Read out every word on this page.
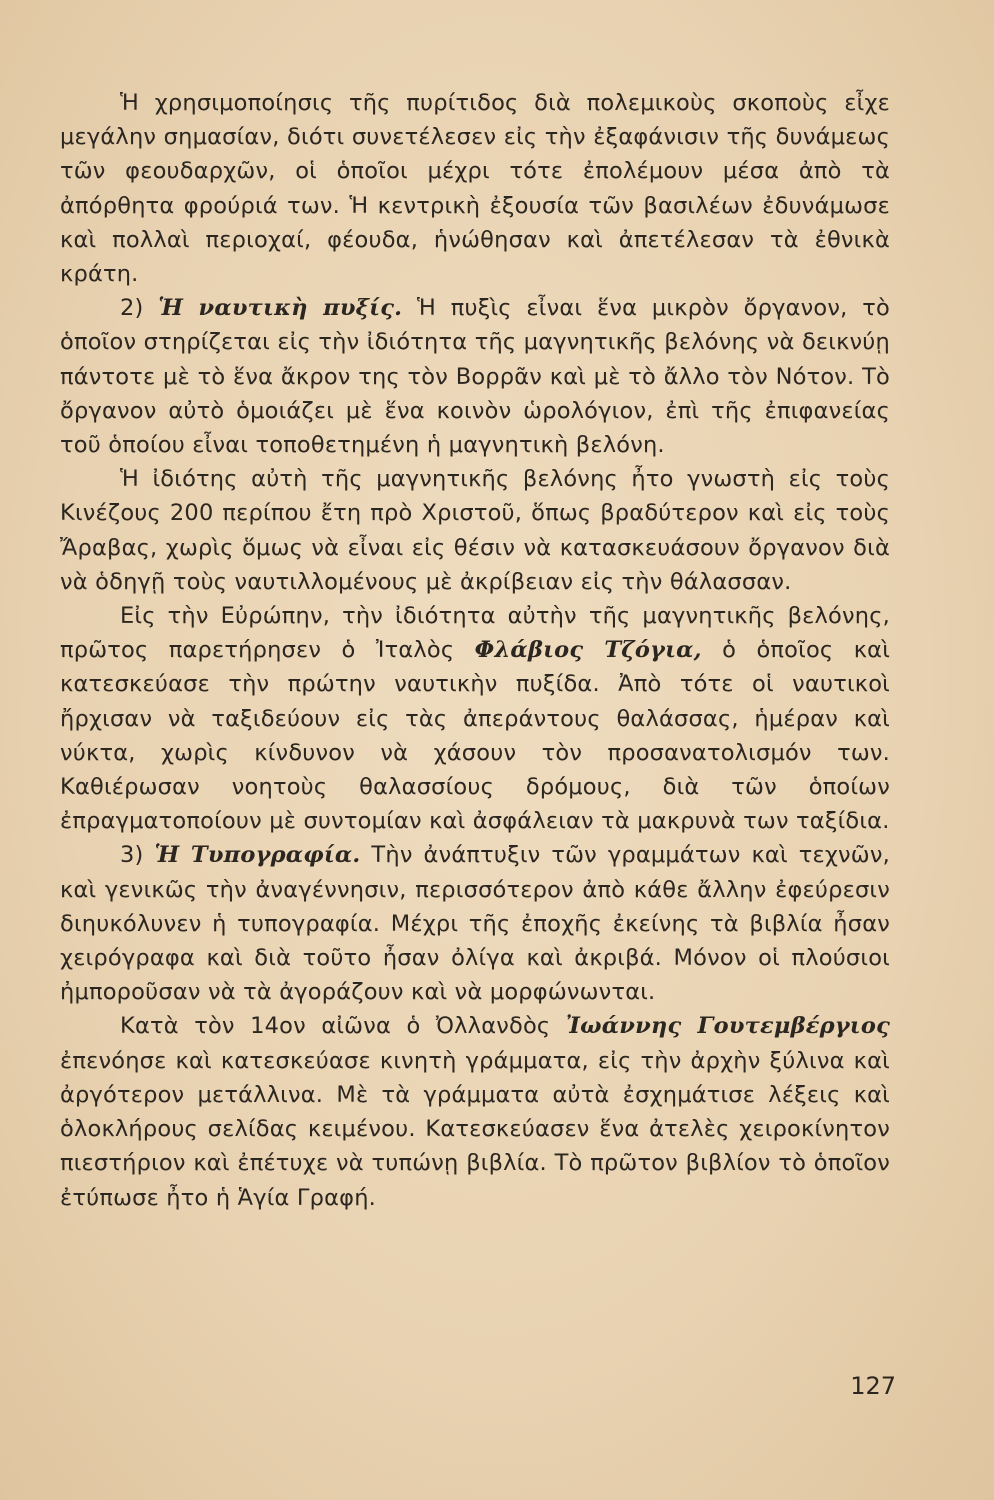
Ἡ χρησιμοποίησις τῆς πυρίτιδος διὰ πολεμικοὺς σκοποὺς εἶχε μεγάλην σημασίαν, διότι συνετέλεσεν εἰς τὴν ἐξαφάνισιν τῆς δυνάμεως τῶν φεουδαρχῶν, οἱ ὁποῖοι μέχρι τότε ἐπολέμουν μέσα ἀπὸ τὰ ἀπόρθητα φρούριά των. Ἡ κεντρικὴ ἐξουσία τῶν βασιλέων ἐδυνάμωσε καὶ πολλαὶ περιοχαί, φέουδα, ἡνώθησαν καὶ ἀπετέλεσαν τὰ ἐθνικὰ κράτη.

2) Ἡ ναυτικὴ πυξίς. Ἡ πυξὶς εἶναι ἕνα μικρὸν ὄργανον, τὸ ὁποῖον στηρίζεται εἰς τὴν ἰδιότητα τῆς μαγνητικῆς βελόνης νὰ δεικνύῃ πάντοτε μὲ τὸ ἕνα ἄκρον της τὸν Βορρᾶν καὶ μὲ τὸ ἄλλο τὸν Νότον. Τὸ ὄργανον αὐτὸ ὁμοιάζει μὲ ἕνα κοινὸν ὡρολόγιον, ἐπὶ τῆς ἐπιφανείας τοῦ ὁποίου εἶναι τοποθετημένη ἡ μαγνητικὴ βελόνη.

Ἡ ἰδιότης αὐτὴ τῆς μαγνητικῆς βελόνης ἦτο γνωστὴ εἰς τοὺς Κινέζους 200 περίπου ἔτη πρὸ Χριστοῦ, ὅπως βραδύτερον καὶ εἰς τοὺς Ἄραβας, χωρὶς ὅμως νὰ εἶναι εἰς θέσιν νὰ κατασκευάσουν ὄργανον διὰ νὰ ὁδηγῇ τοὺς ναυτιλλομένους μὲ ἀκρίβειαν εἰς τὴν θάλασσαν.

Εἰς τὴν Εὐρώπην, τὴν ἰδιότητα αὐτὴν τῆς μαγνητικῆς βελόνης, πρῶτος παρετήρησεν ὁ Ἰταλὸς Φλάβιος Τζόγια, ὁ ὁποῖος καὶ κατεσκεύασε τὴν πρώτην ναυτικὴν πυξίδα. Ἀπὸ τότε οἱ ναυτικοὶ ἤρχισαν νὰ ταξιδεύουν εἰς τὰς ἀπεράντους θαλάσσας, ἡμέραν καὶ νύκτα, χωρὶς κίνδυνον νὰ χάσουν τὸν προσανατολισμόν των. Καθιέρωσαν νοητοὺς θαλασσίους δρόμους, διὰ τῶν ὁποίων ἐπραγματοποίουν μὲ συντομίαν καὶ ἀσφάλειαν τὰ μακρυνὰ των ταξίδια.

3) Ἡ Τυπογραφία. Τὴν ἀνάπτυξιν τῶν γραμμάτων καὶ τεχνῶν, καὶ γενικῶς τὴν ἀναγέννησιν, περισσότερον ἀπὸ κάθε ἄλλην ἐφεύρεσιν διηυκόλυνεν ἡ τυπογραφία. Μέχρι τῆς ἐποχῆς ἐκείνης τὰ βιβλία ἦσαν χειρόγραφα καὶ διὰ τοῦτο ἦσαν ὀλίγα καὶ ἀκριβά. Μόνον οἱ πλούσιοι ἠμποροῦσαν νὰ τὰ ἀγοράζουν καὶ νὰ μορφώνωνται.

Κατὰ τὸν 14ον αἰῶνα ὁ Ὀλλανδὸς Ἰωάννης Γουτεμβέργιος ἐπενόησε καὶ κατεσκεύασε κινητὴ γράμματα, εἰς τὴν ἀρχὴν ξύλινα καὶ ἀργότερον μετάλλινα. Μὲ τὰ γράμματα αὐτὰ ἐσχημάτισε λέξεις καὶ ὁλοκλήρους σελίδας κειμένου. Κατεσκεύασεν ἕνα ἀτελὲς χειροκίνητον πιεστήριον καὶ ἐπέτυχε νὰ τυπώνῃ βιβλία. Τὸ πρῶτον βιβλίον τὸ ὁποῖον ἐτύπωσε ἦτο ἡ Ἁγία Γραφή.

127
